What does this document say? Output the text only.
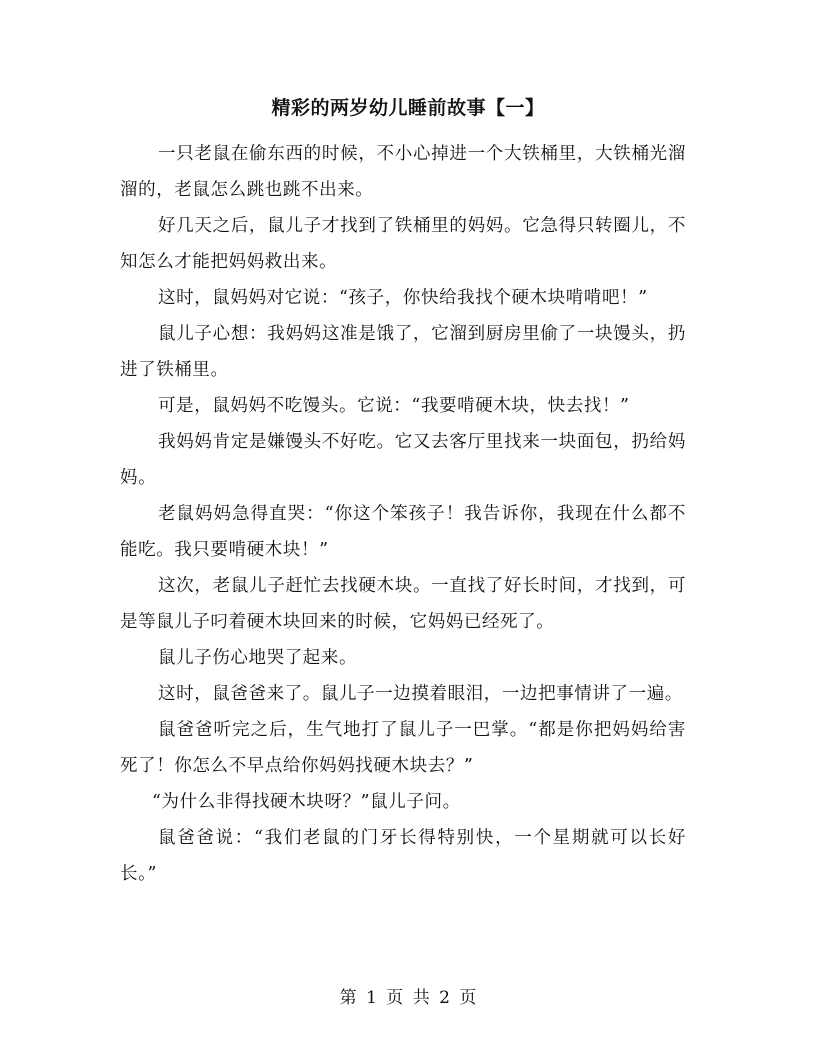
精彩的两岁幼儿睡前故事【一】

一只老鼠在偷东西的时候，不小心掉进一个大铁桶里，大铁桶光溜溜的，老鼠怎么跳也跳不出来。

好几天之后，鼠儿子才找到了铁桶里的妈妈。它急得只转圈儿，不知怎么才能把妈妈救出来。

这时，鼠妈妈对它说：“孩子，你快给我找个硬木块啃啃吧！”

鼠儿子心想：我妈妈这准是饿了，它溜到厨房里偷了一块馒头，扔进了铁桶里。

可是，鼠妈妈不吃馒头。它说：“我要啃硬木块，快去找！”

我妈妈肯定是嫌馒头不好吃。它又去客厅里找来一块面包，扔给妈妈。

老鼠妈妈急得直哭：“你这个笨孩子！我告诉你，我现在什么都不能吃。我只要啃硬木块！”

这次，老鼠儿子赶忙去找硬木块。一直找了好长时间，才找到，可是等鼠儿子叼着硬木块回来的时候，它妈妈已经死了。

鼠儿子伤心地哭了起来。

这时，鼠爸爸来了。鼠儿子一边摸着眼泪，一边把事情讲了一遍。

鼠爸爸听完之后，生气地打了鼠儿子一巴掌。“都是你把妈妈给害死了！你怎么不早点给你妈妈找硬木块去？”

“为什么非得找硬木块呀？”鼠儿子问。

鼠爸爸说：“我们老鼠的门牙长得特别快，一个星期就可以长好长。”

第 1 页 共 2 页
